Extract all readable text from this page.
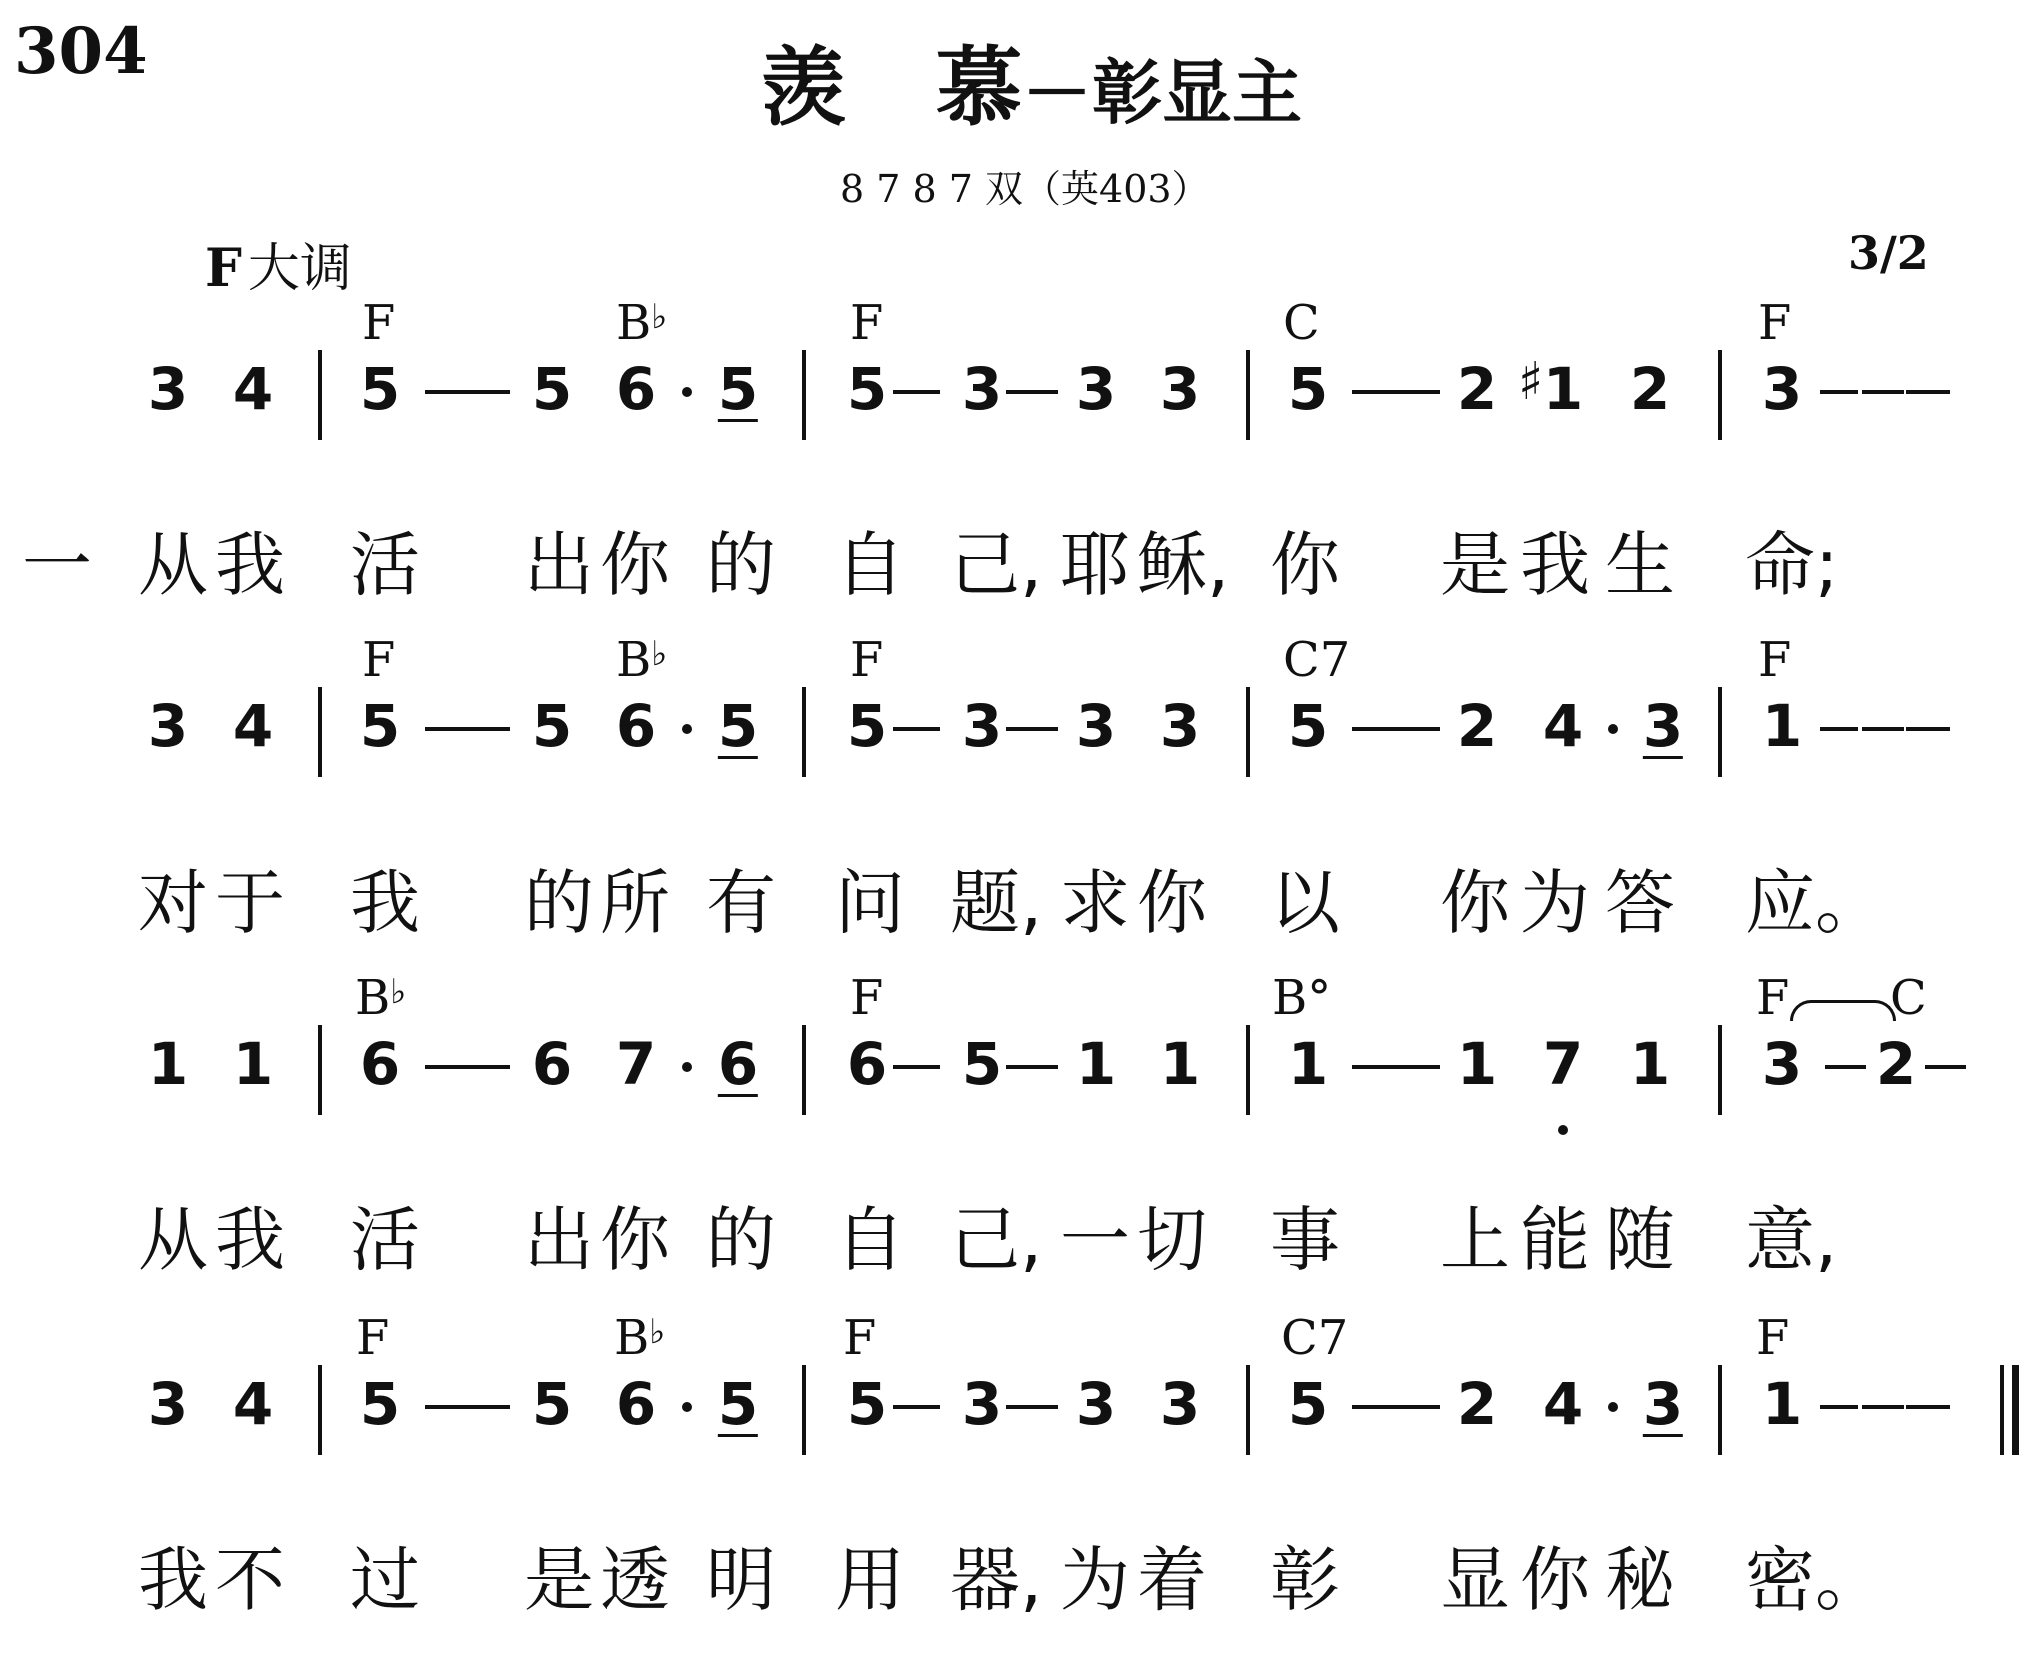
304	羡 慕－彰显主
8 7 8 7 双（英403）
F 大调	3/2
F	B♭	F	C	F
3 4 5 5 6 5 5 3 3 3 5 2 1 2 3
一 从 我 活 出 你 的 自 己, 耶 稣, 你 是 我 生 命;
F	B♭	F	C7	F
3 4 5 5 6 5 5 3 3 3 5 2 4 3 1
对 于 我 的 所 有 问 题, 求 你 以 你 为 答 应。
B♭	F	B°	F C
1 1 6 6 7 6 6 5 1 1 1 1 7 1 3 2
从 我 活 出 你 的 自 己, 一 切 事 上 能 随 意,
F	B♭	F	C7	F
3 4 5 5 6 5 5 3 3 3 5 2 4 3 1
我 不 过 是 透 明 用 器, 为 着 彰 显 你 秘 密。
♯
